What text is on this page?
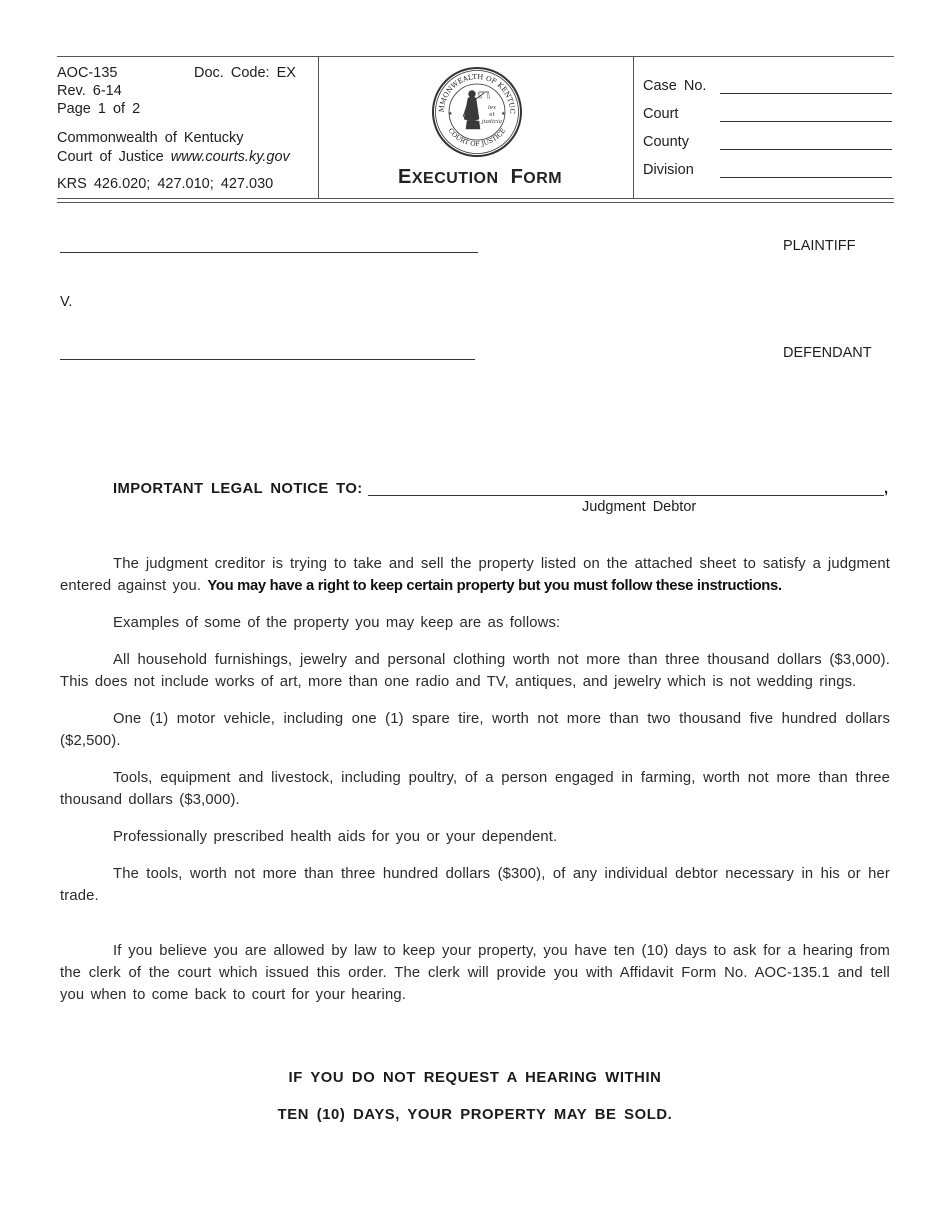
AOC-135	Doc. Code: EX
Rev. 6-14
Page 1 of 2
Commonwealth of Kentucky
Court of Justice www.courts.ky.gov
KRS 426.020; 427.010; 427.030
MMONWEALTH OF KENTUC
COURT OF JUSTICE
lex
et
justicia
★	★
EXECUTION FORM
Case No.
Court
County
Division
PLAINTIFF
V.
DEFENDANT
IMPORTANT LEGAL NOTICE TO:	,
Judgment Debtor
The judgment creditor is trying to take and sell the property listed on the attached sheet to satisfy a judgment entered against you. You may have a right to keep certain property but you must follow these instructions.
Examples of some of the property you may keep are as follows:
All household furnishings, jewelry and personal clothing worth not more than three thousand dollars ($3,000). This does not include works of art, more than one radio and TV, antiques, and jewelry which is not wedding rings.
One (1) motor vehicle, including one (1) spare tire, worth not more than two thousand five hundred dollars ($2,500).
Tools, equipment and livestock, including poultry, of a person engaged in farming, worth not more than three thousand dollars ($3,000).
Professionally prescribed health aids for you or your dependent.
The tools, worth not more than three hundred dollars ($300), of any individual debtor necessary in his or her trade.
If you believe you are allowed by law to keep your property, you have ten (10) days to ask for a hearing from the clerk of the court which issued this order. The clerk will provide you with Affidavit Form No. AOC-135.1 and tell you when to come back to court for your hearing.
IF YOU DO NOT REQUEST A HEARING WITHIN
TEN (10) DAYS, YOUR PROPERTY MAY BE SOLD.
